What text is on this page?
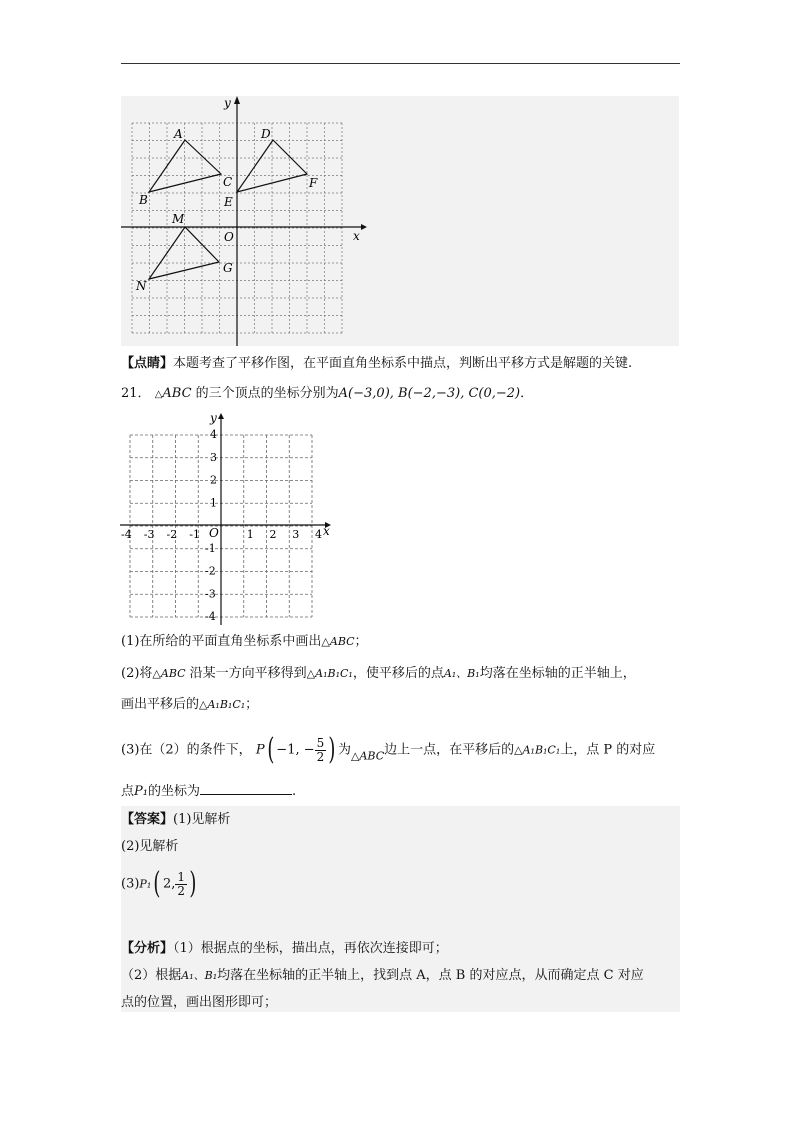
y
x
O
A
B
C
D
E
F
M
N
G
【点睛】本题考查了平移作图，在平面直角坐标系中描点，判断出平移方式是解题的关键.
21． △ABC 的三个顶点的坐标分别为A(−3,0), B(−2,−3), C(0,−2)．
-4 -3 -2 -1	1 2 3 4
4
3
2
1
-1
-2
-3
-4
y
x
O
(1)在所给的平面直角坐标系中画出△ABC；
(2)将△ABC 沿某一方向平移得到△A₁B₁C₁，使平移后的点A₁、B₁均落在坐标轴的正半轴上，
画出平移后的△A₁B₁C₁；
(3)在（2）的条件下， P( −1, − $\frac{5}{2}$ ) 为$_{\triangle ABC}$边上一点，在平移后的△A₁B₁C₁上，点 P 的对应
点P₁的坐标为	.
【答案】(1)见解析
(2)见解析
(3)P₁( 2, $\frac{1}{2}$ )
【分析】（1）根据点的坐标，描出点，再依次连接即可；
（2）根据A₁、B₁均落在坐标轴的正半轴上，找到点 A，点 B 的对应点，从而确定点 C 对应
点的位置，画出图形即可；
